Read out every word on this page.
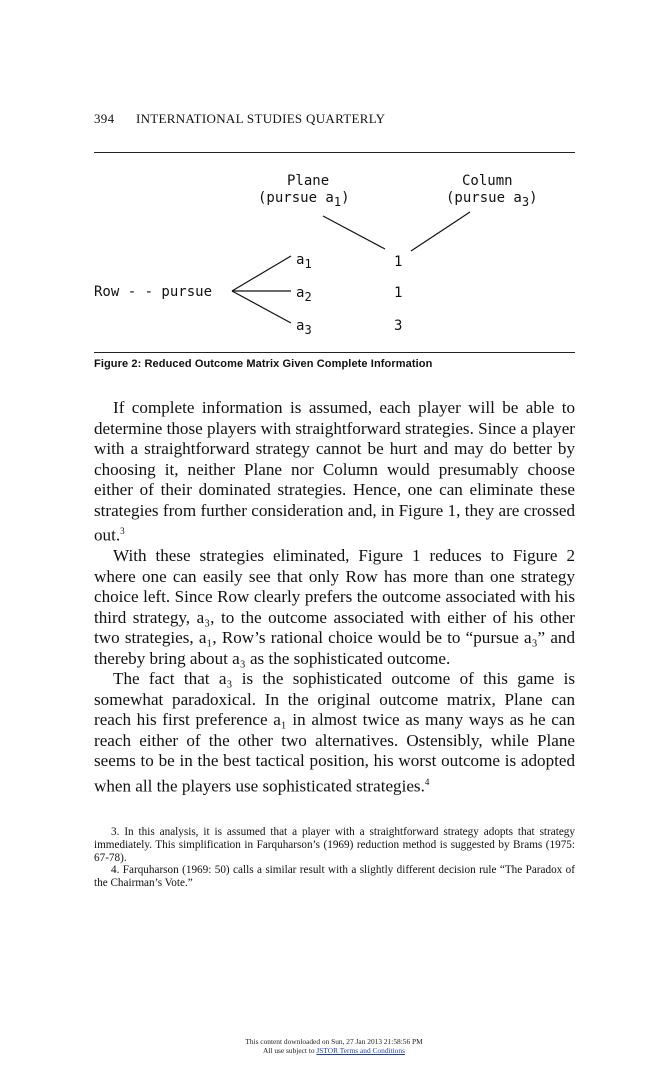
394 INTERNATIONAL STUDIES QUARTERLY
Plane
(pursue a1)
Column
(pursue a3)
Row - - pursue
a1
a2
a3
1
1
3
Figure 2: Reduced Outcome Matrix Given Complete Information

If complete information is assumed, each player will be able to determine those players with straightforward strategies. Since a player with a straightforward strategy cannot be hurt and may do better by choosing it, neither Plane nor Column would presumably choose either of their dominated strategies. Hence, one can eliminate these strategies from further consideration and, in Figure 1, they are crossed out.$^3$

With these strategies eliminated, Figure 1 reduces to Figure 2 where one can easily see that only Row has more than one strategy choice left. Since Row clearly prefers the outcome associated with his third strategy, a₃, to the outcome associated with either of his other two strategies, a₁, Row’s rational choice would be to “pursue a₃” and thereby bring about a₃ as the sophisticated outcome.

The fact that a₃ is the sophisticated outcome of this game is somewhat paradoxical. In the original outcome matrix, Plane can reach his first preference a₁ in almost twice as many ways as he can reach either of the other two alternatives. Ostensibly, while Plane seems to be in the best tactical position, his worst outcome is adopted when all the players use sophisticated strategies.$^4$

3. In this analysis, it is assumed that a player with a straightforward strategy adopts that strategy immediately. This simplification in Farquharson’s (1969) reduction method is suggested by Brams (1975: 67-78).

4. Farquharson (1969: 50) calls a similar result with a slightly different decision rule “The Paradox of the Chairman’s Vote.”

This content downloaded on Sun, 27 Jan 2013 21:58:56 PM
All use subject to JSTOR Terms and Conditions
